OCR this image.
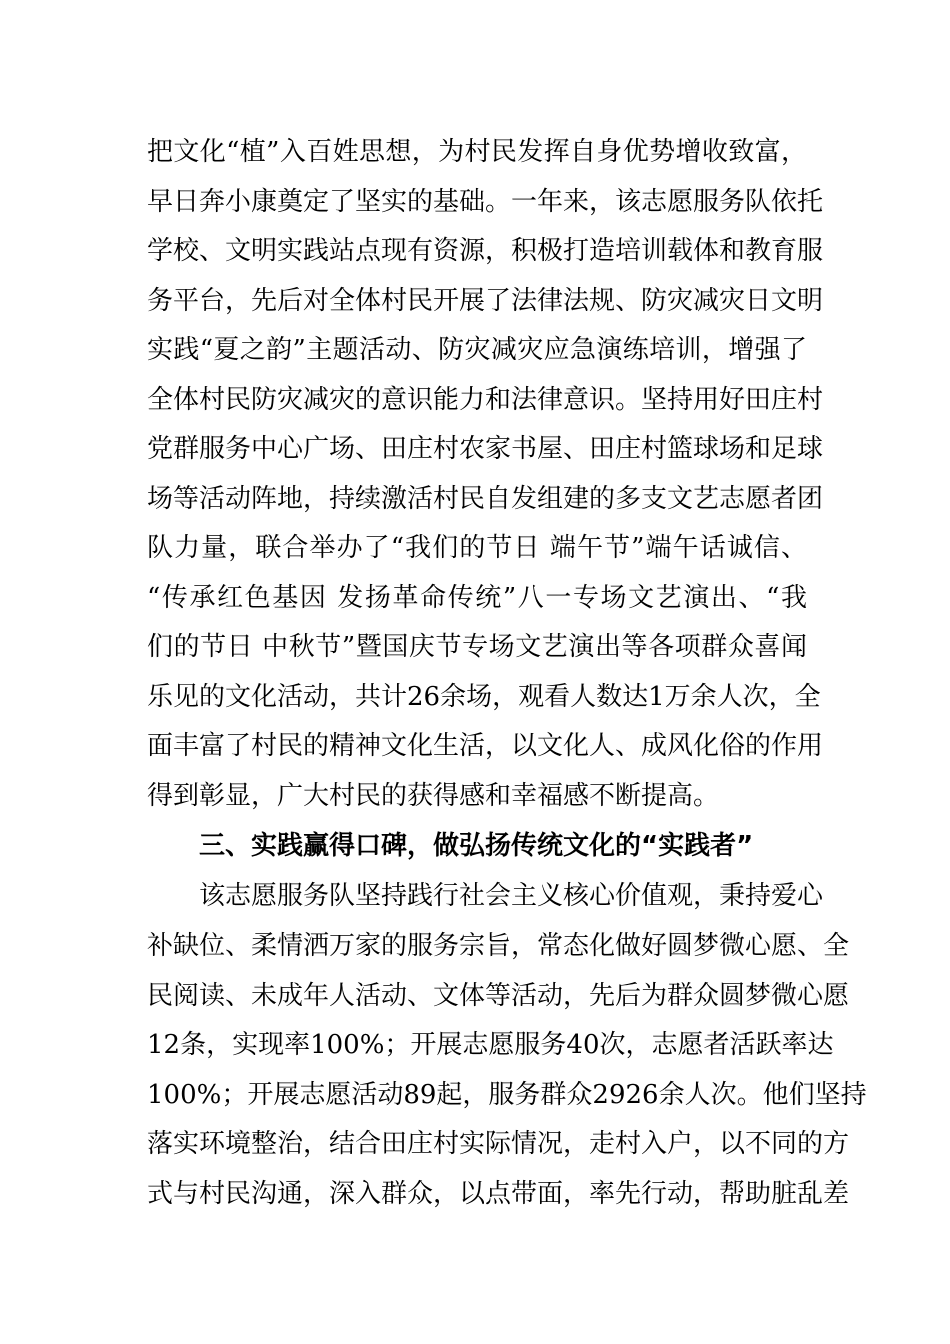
把文化“植”入百姓思想，为村民发挥自身优势增收致富，
早日奔小康奠定了坚实的基础。一年来，该志愿服务队依托
学校、文明实践站点现有资源，积极打造培训载体和教育服
务平台，先后对全体村民开展了法律法规、防灾减灾日文明
实践“夏之韵”主题活动、防灾减灾应急演练培训，增强了
全体村民防灾减灾的意识能力和法律意识。坚持用好田庄村
党群服务中心广场、田庄村农家书屋、田庄村篮球场和足球
场等活动阵地，持续激活村民自发组建的多支文艺志愿者团
队力量，联合举办了“我们的节日 端午节”端午话诚信、
“传承红色基因 发扬革命传统”八一专场文艺演出、“我
们的节日 中秋节”暨国庆节专场文艺演出等各项群众喜闻
乐见的文化活动，共计26余场，观看人数达1万余人次，全
面丰富了村民的精神文化生活，以文化人、成风化俗的作用
得到彰显，广大村民的获得感和幸福感不断提高。
三、实践赢得口碑，做弘扬传统文化的“实践者”
该志愿服务队坚持践行社会主义核心价值观，秉持爱心
补缺位、柔情洒万家的服务宗旨，常态化做好圆梦微心愿、全
民阅读、未成年人活动、文体等活动，先后为群众圆梦微心愿
12条，实现率100%；开展志愿服务40次，志愿者活跃率达
100%；开展志愿活动89起，服务群众2926余人次。他们坚持
落实环境整治，结合田庄村实际情况，走村入户，以不同的方
式与村民沟通，深入群众，以点带面，率先行动，帮助脏乱差
